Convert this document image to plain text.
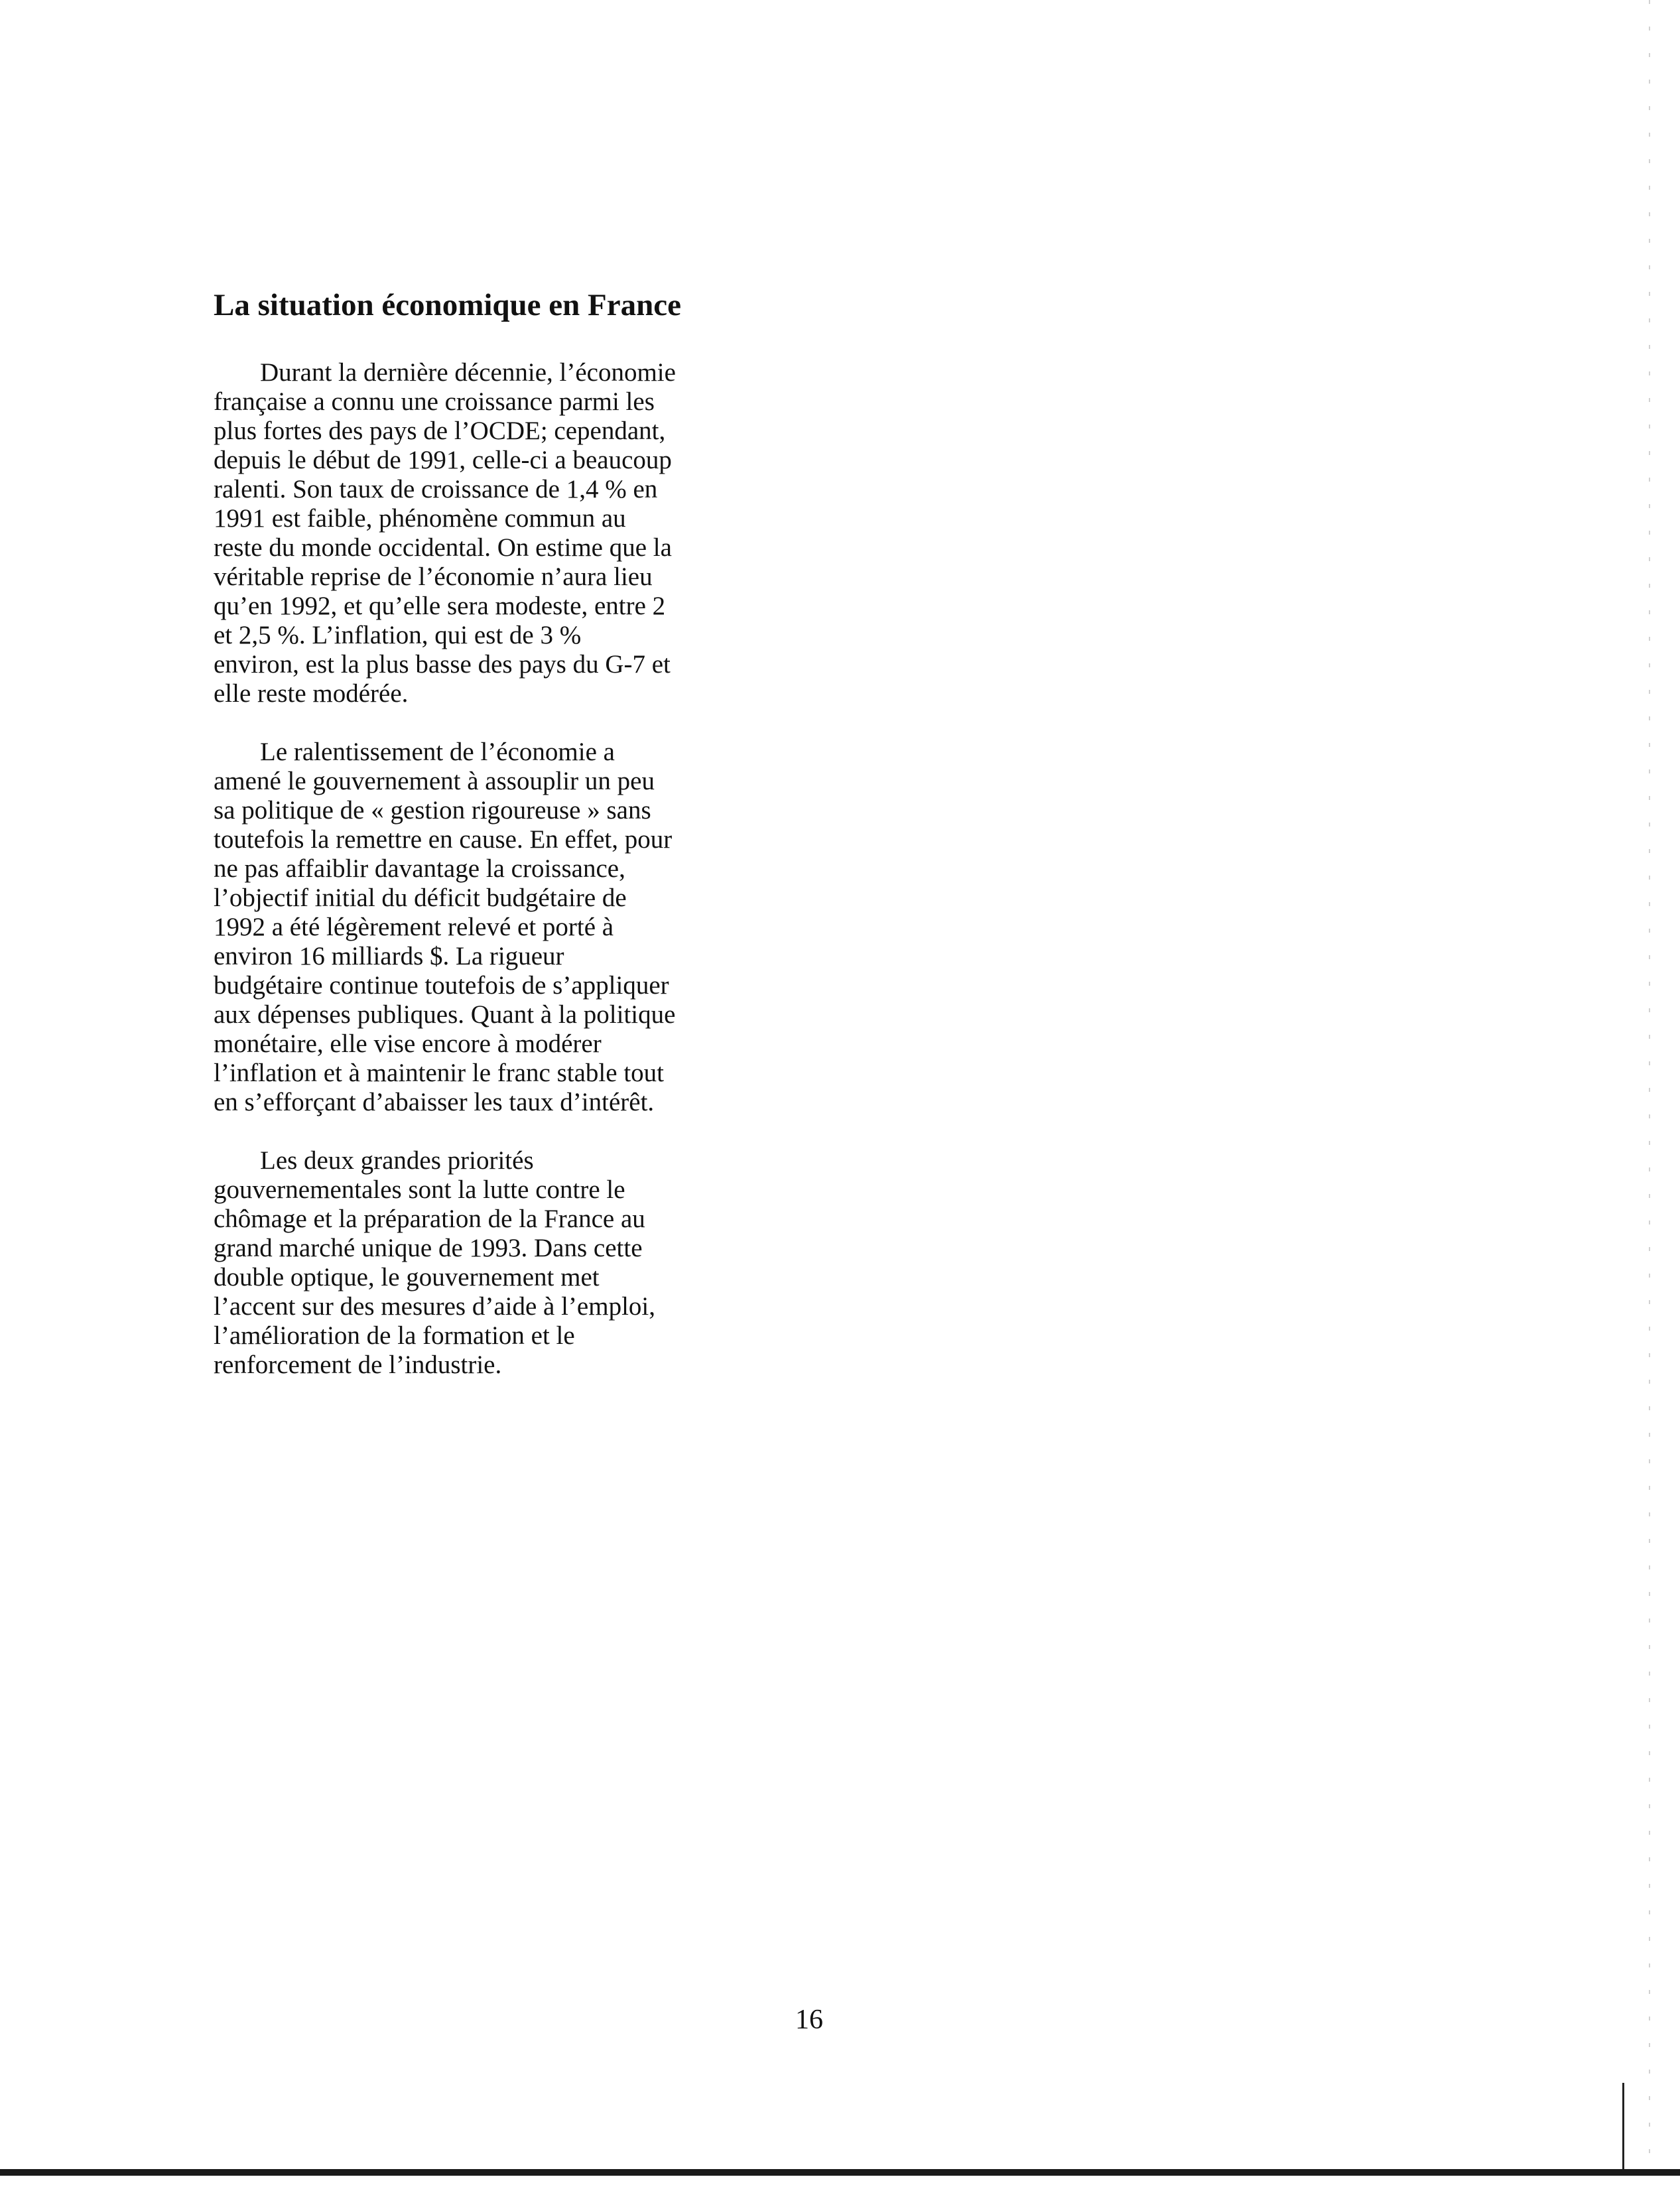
La situation économique en France

Durant la dernière décennie, l’économie
française a connu une croissance parmi les
plus fortes des pays de l’OCDE; cependant,
depuis le début de 1991, celle-ci a beaucoup
ralenti. Son taux de croissance de 1,4 % en
1991 est faible, phénomène commun au
reste du monde occidental. On estime que la
véritable reprise de l’économie n’aura lieu
qu’en 1992, et qu’elle sera modeste, entre 2
et 2,5 %. L’inflation, qui est de 3 %
environ, est la plus basse des pays du G-7 et
elle reste modérée.

Le ralentissement de l’économie a
amené le gouvernement à assouplir un peu
sa politique de « gestion rigoureuse » sans
toutefois la remettre en cause. En effet, pour
ne pas affaiblir davantage la croissance,
l’objectif initial du déficit budgétaire de
1992 a été légèrement relevé et porté à
environ 16 milliards $. La rigueur
budgétaire continue toutefois de s’appliquer
aux dépenses publiques. Quant à la politique
monétaire, elle vise encore à modérer
l’inflation et à maintenir le franc stable tout
en s’efforçant d’abaisser les taux d’intérêt.

Les deux grandes priorités
gouvernementales sont la lutte contre le
chômage et la préparation de la France au
grand marché unique de 1993. Dans cette
double optique, le gouvernement met
l’accent sur des mesures d’aide à l’emploi,
l’amélioration de la formation et le
renforcement de l’industrie.

16
